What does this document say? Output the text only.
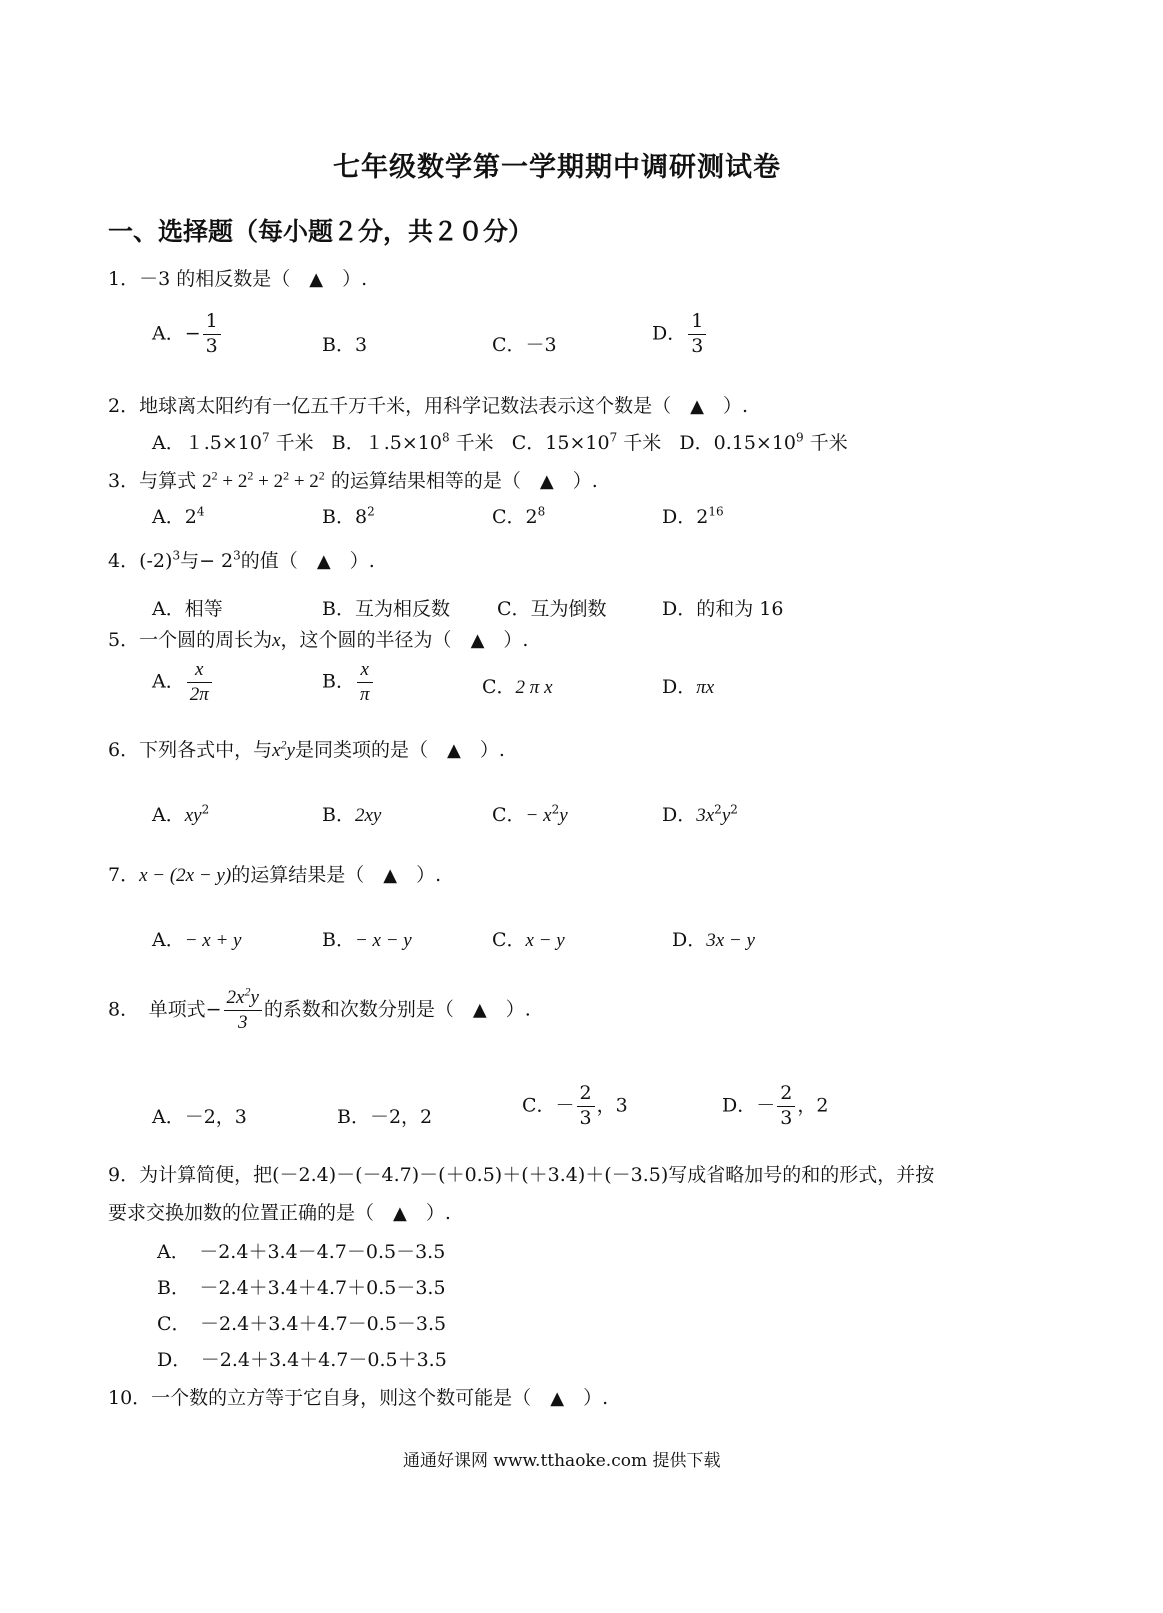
七年级数学第一学期期中调研测试卷
一、选择题（每小题２分，共２０分）
1．－3 的相反数是（　 ▲　 ）.
A．− $\frac{1}{3}$	B．3	C．－3
D． $\frac{1}{3}$
2．地球离太阳约有一亿五千万千米，用科学记数法表示这个数是（　 ▲　 ）.
A．$1.5\times 10^7$ 千米 B．$1.5\times 10^8$ 千米 C．$15\times 10^7$ 千米 D．$0.15\times 10^9$ 千米
3．与算式 $2^2 + 2^2 + 2^2 + 2^2$ 的运算结果相等的是（　 ▲　 ）.
A．$2^4$	B．$8^2$	C．$2^8$	D．$2^{16}$
4．$(-2)^3$与− $2^3$的值（　 ▲　 ）.
A．相等	B．互为相反数 C．互为倒数	D．的和为 16
5．一个圆的周长为x，这个圆的半径为（　 ▲　 ）.
A． $\frac{x}{2\pi}$	B． $\frac{x}{\pi}$	C．2 π x	D．πx
6．下列各式中，与$x^2y$是同类项的是（　 ▲　 ）.
A．$xy^2$	B．2xy	C．− $x^2y$	D．$3x^2y^2$
7．x − (2x − y)的运算结果是（　 ▲　 ）.
A．− x + y	B．− x − y	C．x − y	D．3x − y
8．　单项式− $\frac{2x^2y}{3}$ 的系数和次数分别是（　 ▲　 ）.
A．－2，3	B．－2，2
C．－ $\frac{2}{3}$ ，3	D．－ $\frac{2}{3}$ ，2
9．为计算简便，把(－2.4)－(－4.7)－(＋0.5)＋(＋3.4)＋(－3.5)写成省略加号的和的形式，并按
要求交换加数的位置正确的是（　 ▲　 ）.
A．　－2.4＋3.4－4.7－0.5－3.5
B．　－2.4＋3.4＋4.7＋0.5－3.5
C．　－2.4＋3.4＋4.7－0.5－3.5
D．　－2.4＋3.4＋4.7－0.5＋3.5
10．一个数的立方等于它自身，则这个数可能是（　 ▲　 ）.
通通好课网 www.tthaoke.com 提供下载
